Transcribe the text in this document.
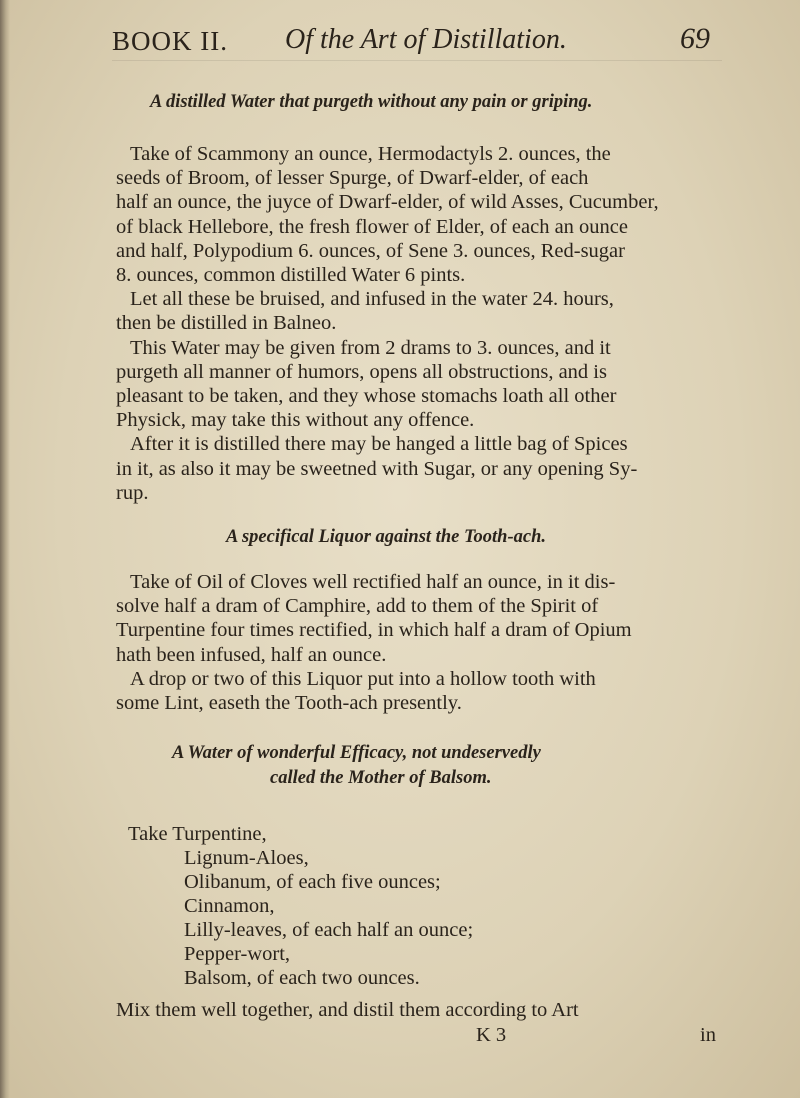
BOOK II. Of the Art of Distillation.	69
A distilled Water that purgeth without any pain or griping.

Take of Scammony an ounce, Hermodactyls 2. ounces, the
seeds of Broom, of lesser Spurge, of Dwarf-elder, of each
half an ounce, the juyce of Dwarf-elder, of wild Asses, Cucumber,
of black Hellebore, the fresh flower of Elder, of each an ounce
and half, Polypodium 6. ounces, of Sene 3. ounces, Red-sugar
8. ounces, common distilled Water 6 pints.

Let all these be bruised, and infused in the water 24. hours,
then be distilled in Balneo.

This Water may be given from 2 drams to 3. ounces, and it
purgeth all manner of humors, opens all obstructions, and is
pleasant to be taken, and they whose stomachs loath all other
Physick, may take this without any offence.

After it is distilled there may be hanged a little bag of Spices
in it, as also it may be sweetned with Sugar, or any opening Sy-
rup.

A specifical Liquor against the Tooth-ach.

Take of Oil of Cloves well rectified half an ounce, in it dis-
solve half a dram of Camphire, add to them of the Spirit of
Turpentine four times rectified, in which half a dram of Opium
hath been infused, half an ounce.

A drop or two of this Liquor put into a hollow tooth with
some Lint, easeth the Tooth-ach presently.

A Water of wonderful Efficacy, not undeservedly
called the Mother of Balsom.
Take Turpentine,
Lignum-Aloes,
Olibanum, of each five ounces;
Cinnamon,
Lilly-leaves, of each half an ounce;
Pepper-wort,
Balsom, of each two ounces.
Mix them well together, and distil them according to Art
K 3	in
